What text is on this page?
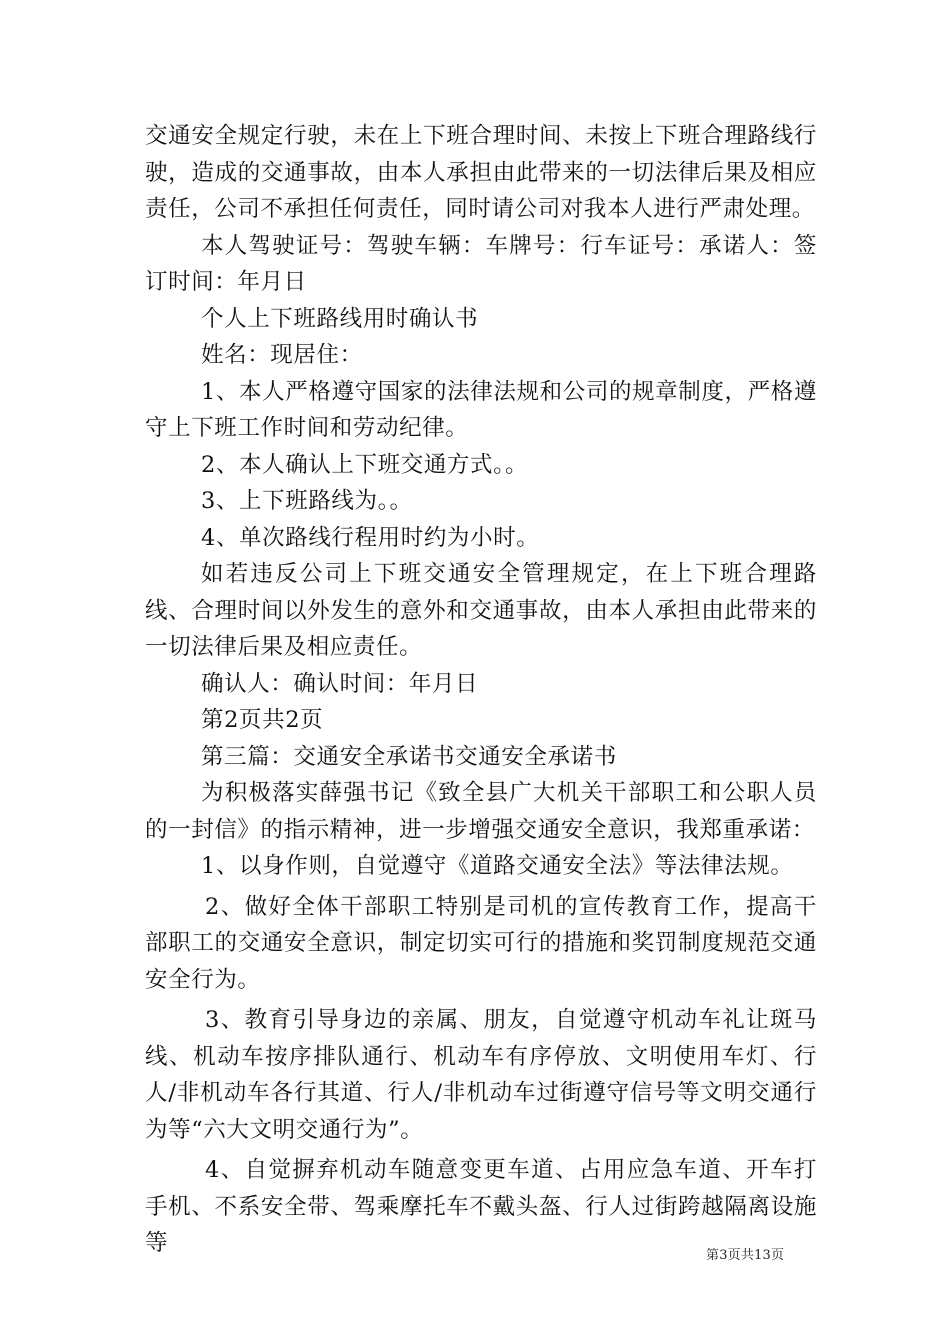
交通安全规定行驶，未在上下班合理时间、未按上下班合理路线行驶，造成的交通事故，由本人承担由此带来的一切法律后果及相应责任，公司不承担任何责任，同时请公司对我本人进行严肃处理。

本人驾驶证号：驾驶车辆：车牌号：行车证号：承诺人：签订时间：年月日

个人上下班路线用时确认书

姓名：现居住：

1、本人严格遵守国家的法律法规和公司的规章制度，严格遵守上下班工作时间和劳动纪律。

2、本人确认上下班交通方式。。

3、上下班路线为。。

4、单次路线行程用时约为小时。

如若违反公司上下班交通安全管理规定，在上下班合理路线、合理时间以外发生的意外和交通事故，由本人承担由此带来的一切法律后果及相应责任。

确认人：确认时间：年月日

第2页共2页

第三篇：交通安全承诺书交通安全承诺书

为积极落实薛强书记《致全县广大机关干部职工和公职人员的一封信》的指示精神，进一步增强交通安全意识，我郑重承诺：

1、以身作则，自觉遵守《道路交通安全法》等法律法规。

2、做好全体干部职工特别是司机的宣传教育工作，提高干部职工的交通安全意识，制定切实可行的措施和奖罚制度规范交通安全行为。

3、教育引导身边的亲属、朋友，自觉遵守机动车礼让斑马线、机动车按序排队通行、机动车有序停放、文明使用车灯、行人/非机动车各行其道、行人/非机动车过街遵守信号等文明交通行为等“六大文明交通行为”。

4、自觉摒弃机动车随意变更车道、占用应急车道、开车打手机、不系安全带、驾乘摩托车不戴头盔、行人过街跨越隔离设施等	第3页共13页
